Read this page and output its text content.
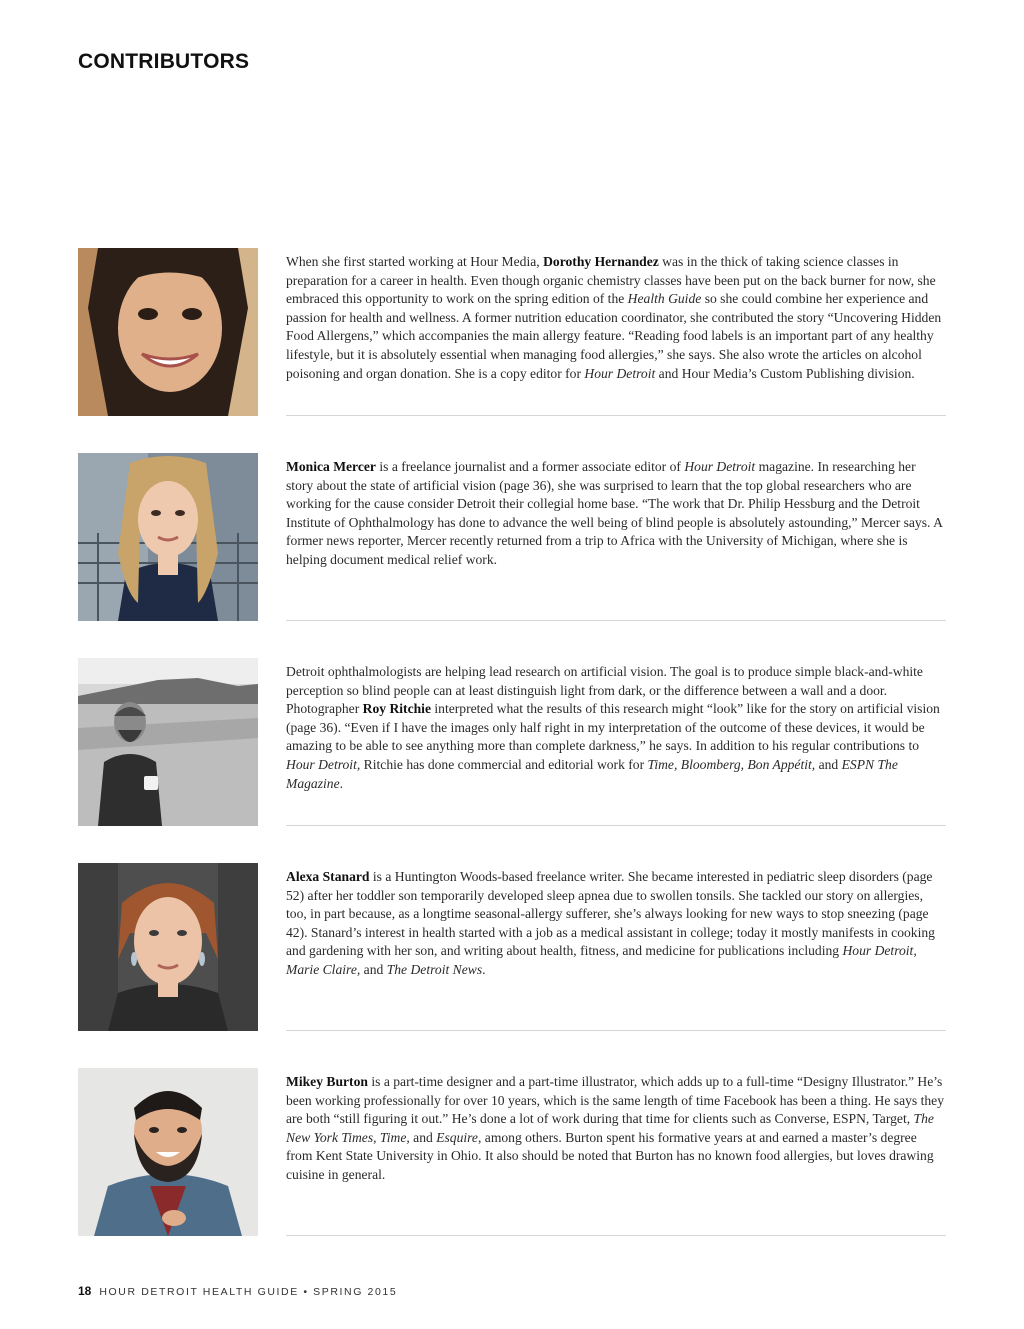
CONTRIBUTORS

When she first started working at Hour Media, Dorothy Hernandez was in the thick of taking science classes in preparation for a career in health. Even though organic chemistry classes have been put on the back burner for now, she embraced this opportunity to work on the spring edition of the Health Guide so she could combine her experience and passion for health and wellness. A former nutrition education coordinator, she contributed the story “Uncovering Hidden Food Allergens,” which accompanies the main allergy feature. “Reading food labels is an important part of any healthy lifestyle, but it is absolutely essential when managing food allergies,” she says. She also wrote the articles on alcohol poisoning and organ donation. She is a copy editor for Hour Detroit and Hour Media’s Custom Publishing division.

Monica Mercer is a freelance journalist and a former associate editor of Hour Detroit magazine. In researching her story about the state of artificial vision (page 36), she was surprised to learn that the top global researchers who are working for the cause consider Detroit their collegial home base. “The work that Dr. Philip Hessburg and the Detroit Institute of Ophthalmology has done to advance the well being of blind people is absolutely astounding,” Mercer says. A former news reporter, Mercer recently returned from a trip to Africa with the University of Michigan, where she is helping document medical relief work.

Detroit ophthalmologists are helping lead research on artificial vision. The goal is to produce simple black-and-white perception so blind people can at least distinguish light from dark, or the difference between a wall and a door. Photographer Roy Ritchie interpreted what the results of this research might “look” like for the story on artificial vision (page 36). “Even if I have the images only half right in my interpretation of the outcome of these devices, it would be amazing to be able to see anything more than complete darkness,” he says. In addition to his regular contributions to Hour Detroit, Ritchie has done commercial and editorial work for Time, Bloomberg, Bon Appétit, and ESPN The Magazine.

Alexa Stanard is a Huntington Woods-based freelance writer. She became interested in pediatric sleep disorders (page 52) after her toddler son temporarily developed sleep apnea due to swollen tonsils. She tackled our story on allergies, too, in part because, as a longtime seasonal-allergy sufferer, she’s always looking for new ways to stop sneezing (page 42). Stanard’s interest in health started with a job as a medical assistant in college; today it mostly manifests in cooking and gardening with her son, and writing about health, fitness, and medicine for publications including Hour Detroit, Marie Claire, and The Detroit News.

Mikey Burton is a part-time designer and a part-time illustrator, which adds up to a full-time “Designy Illustrator.” He’s been working professionally for over 10 years, which is the same length of time Facebook has been a thing. He says they are both “still figuring it out.” He’s done a lot of work during that time for clients such as Converse, ESPN, Target, The New York Times, Time, and Esquire, among others. Burton spent his formative years at and earned a master’s degree from Kent State University in Ohio. It also should be noted that Burton has no known food allergies, but loves drawing cuisine in general.

18 HOUR DETROIT HEALTH GUIDE • SPRING 2015
